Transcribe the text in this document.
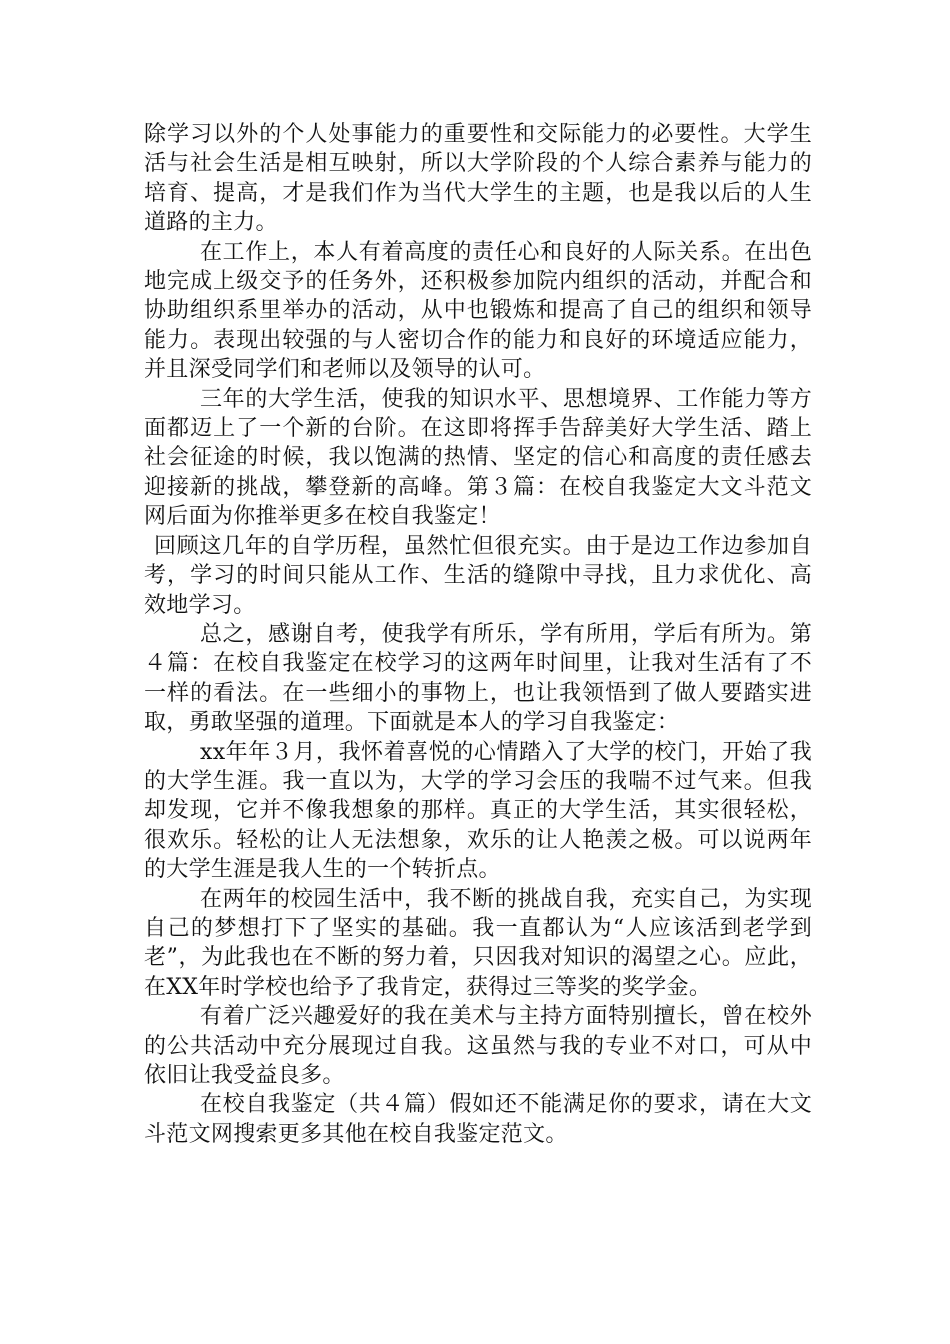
除学习以外的个人处事能力的重要性和交际能力的必要性。大学生活与社会生活是相互映射，所以大学阶段的个人综合素养与能力的培育、提高，才是我们作为当代大学生的主题，也是我以后的人生道路的主力。

在工作上，本人有着高度的责任心和良好的人际关系。在出色地完成上级交予的任务外，还积极参加院内组织的活动，并配合和协助组织系里举办的活动，从中也锻炼和提高了自己的组织和领导能力。表现出较强的与人密切合作的能力和良好的环境适应能力，并且深受同学们和老师以及领导的认可。

三年的大学生活，使我的知识水平、思想境界、工作能力等方面都迈上了一个新的台阶。在这即将挥手告辞美好大学生活、踏上社会征途的时候，我以饱满的热情、坚定的信心和高度的责任感去迎接新的挑战，攀登新的高峰。第３篇：在校自我鉴定大文斗范文网后面为你推举更多在校自我鉴定！

回顾这几年的自学历程，虽然忙但很充实。由于是边工作边参加自考，学习的时间只能从工作、生活的缝隙中寻找，且力求优化、高效地学习。

总之，感谢自考，使我学有所乐，学有所用，学后有所为。第４篇：在校自我鉴定在校学习的这两年时间里，让我对生活有了不一样的看法。在一些细小的事物上，也让我领悟到了做人要踏实进取，勇敢坚强的道理。下面就是本人的学习自我鉴定：

xx年年３月，我怀着喜悦的心情踏入了大学的校门，开始了我的大学生涯。我一直以为，大学的学习会压的我喘不过气来。但我却发现，它并不像我想象的那样。真正的大学生活，其实很轻松，很欢乐。轻松的让人无法想象，欢乐的让人艳羡之极。可以说两年的大学生涯是我人生的一个转折点。

在两年的校园生活中，我不断的挑战自我，充实自己，为实现自己的梦想打下了坚实的基础。我一直都认为“人应该活到老学到老”，为此我也在不断的努力着，只因我对知识的渴望之心。应此，在XX年时学校也给予了我肯定，获得过三等奖的奖学金。

有着广泛兴趣爱好的我在美术与主持方面特别擅长，曾在校外的公共活动中充分展现过自我。这虽然与我的专业不对口，可从中依旧让我受益良多。

在校自我鉴定（共４篇）假如还不能满足你的要求，请在大文斗范文网搜索更多其他在校自我鉴定范文。
